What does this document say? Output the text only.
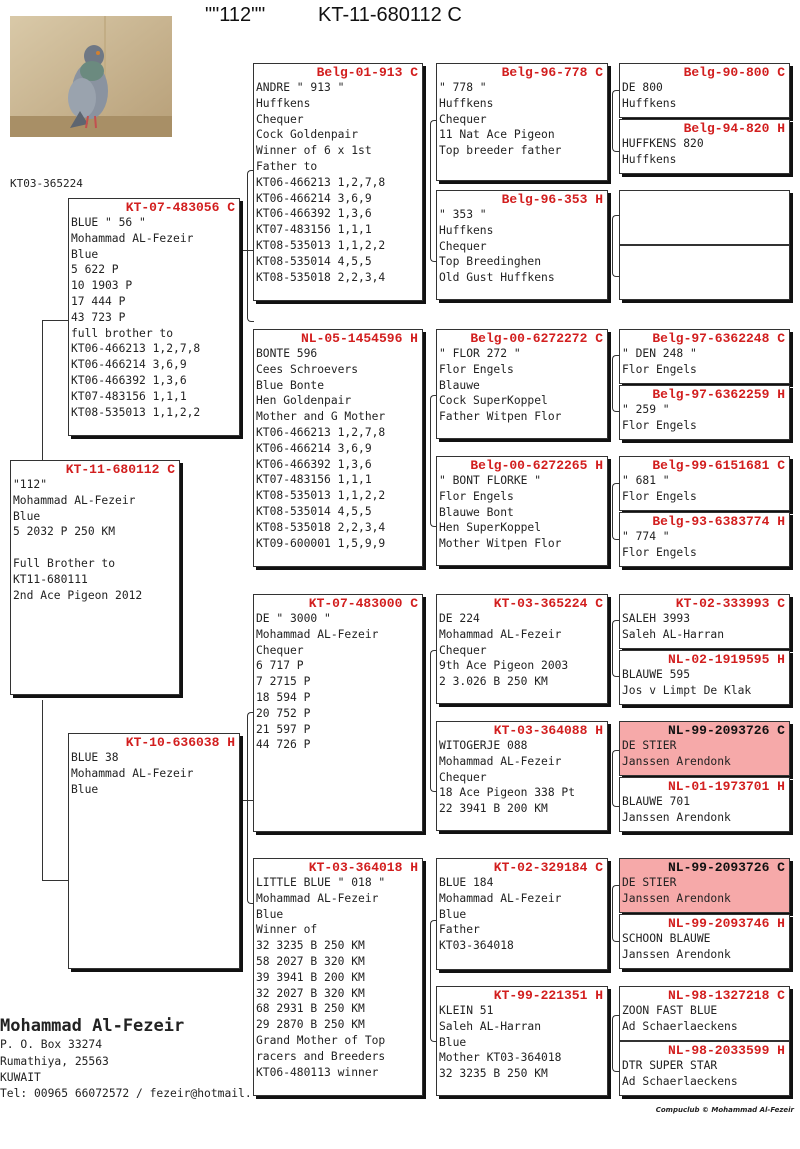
""112""	KT-11-680112 C
KT03-365224
KT-11-680112 C
"112"
Mohammad AL-Fezeir
Blue
5 2032 P 250 KM

Full Brother to
KT11-680111
2nd Ace Pigeon 2012
KT-07-483056 C
BLUE " 56 "
Mohammad AL-Fezeir
Blue
5 622 P
10 1903 P
17 444 P
43 723 P
full brother to
KT06-466213 1,2,7,8
KT06-466214 3,6,9
KT06-466392 1,3,6
KT07-483156 1,1,1
KT08-535013 1,1,2,2
KT-10-636038 H
BLUE 38
Mohammad AL-Fezeir
Blue
Belg-01-913 C
ANDRE " 913 "
Huffkens
Chequer
Cock Goldenpair
Winner of 6 x 1st
Father to
KT06-466213 1,2,7,8
KT06-466214 3,6,9
KT06-466392 1,3,6
KT07-483156 1,1,1
KT08-535013 1,1,2,2
KT08-535014 4,5,5
KT08-535018 2,2,3,4
NL-05-1454596 H
BONTE 596
Cees Schroevers
Blue Bonte
Hen Goldenpair
Mother and G Mother
KT06-466213 1,2,7,8
KT06-466214 3,6,9
KT06-466392 1,3,6
KT07-483156 1,1,1
KT08-535013 1,1,2,2
KT08-535014 4,5,5
KT08-535018 2,2,3,4
KT09-600001 1,5,9,9
KT-07-483000 C
DE " 3000 "
Mohammad AL-Fezeir
Chequer
6 717 P
7 2715 P
18 594 P
20 752 P
21 597 P
44 726 P
KT-03-364018 H
LITTLE BLUE " 018 "
Mohammad AL-Fezeir
Blue
Winner of
32 3235 B 250 KM
58 2027 B 320 KM
39 3941 B 200 KM
32 2027 B 320 KM
68 2931 B 250 KM
29 2870 B 250 KM
Grand Mother of Top
racers and Breeders
KT06-480113 winner
Belg-96-778 C
" 778 "
Huffkens
Chequer
11 Nat Ace Pigeon
Top breeder father
Belg-96-353 H
" 353 "
Huffkens
Chequer
Top Breedinghen
Old Gust Huffkens
Belg-00-6272272 C
" FLOR 272 "
Flor Engels
Blauwe
Cock SuperKoppel
Father Witpen Flor
Belg-00-6272265 H
" BONT FLORKE "
Flor Engels
Blauwe Bont
Hen SuperKoppel
Mother Witpen Flor
KT-03-365224 C
DE 224
Mohammad AL-Fezeir
Chequer
9th Ace Pigeon 2003
2 3.026 B 250 KM
KT-03-364088 H
WITOGERJE 088
Mohammad AL-Fezeir
Chequer
18 Ace Pigeon 338 Pt
22 3941 B 200 KM
KT-02-329184 C
BLUE 184
Mohammad AL-Fezeir
Blue
Father
KT03-364018
KT-99-221351 H
KLEIN 51
Saleh AL-Harran
Blue
Mother KT03-364018
32 3235 B 250 KM
Belg-90-800 C
DE 800
Huffkens
Belg-94-820 H
HUFFKENS 820
Huffkens
Belg-97-6362248 C
" DEN 248 "
Flor Engels
Belg-97-6362259 H
" 259 "
Flor Engels
Belg-99-6151681 C
" 681 "
Flor Engels
Belg-93-6383774 H
" 774 "
Flor Engels
KT-02-333993 C
SALEH 3993
Saleh AL-Harran
NL-02-1919595 H
BLAUWE 595
Jos v Limpt De Klak
NL-99-2093726 C
DE STIER
Janssen Arendonk
NL-01-1973701 H
BLAUWE 701
Janssen Arendonk
NL-99-2093726 C
DE STIER
Janssen Arendonk
NL-99-2093746 H
SCHOON BLAUWE
Janssen Arendonk
NL-98-1327218 C
ZOON FAST BLUE
Ad Schaerlaeckens
NL-98-2033599 H
DTR SUPER STAR
Ad Schaerlaeckens
Mohammad Al-Fezeir
P. O. Box 33274
Rumathiya, 25563
KUWAIT
Tel: 00965 66072572 / fezeir@hotmail.
Compuclub © Mohammad Al-Fezeir
